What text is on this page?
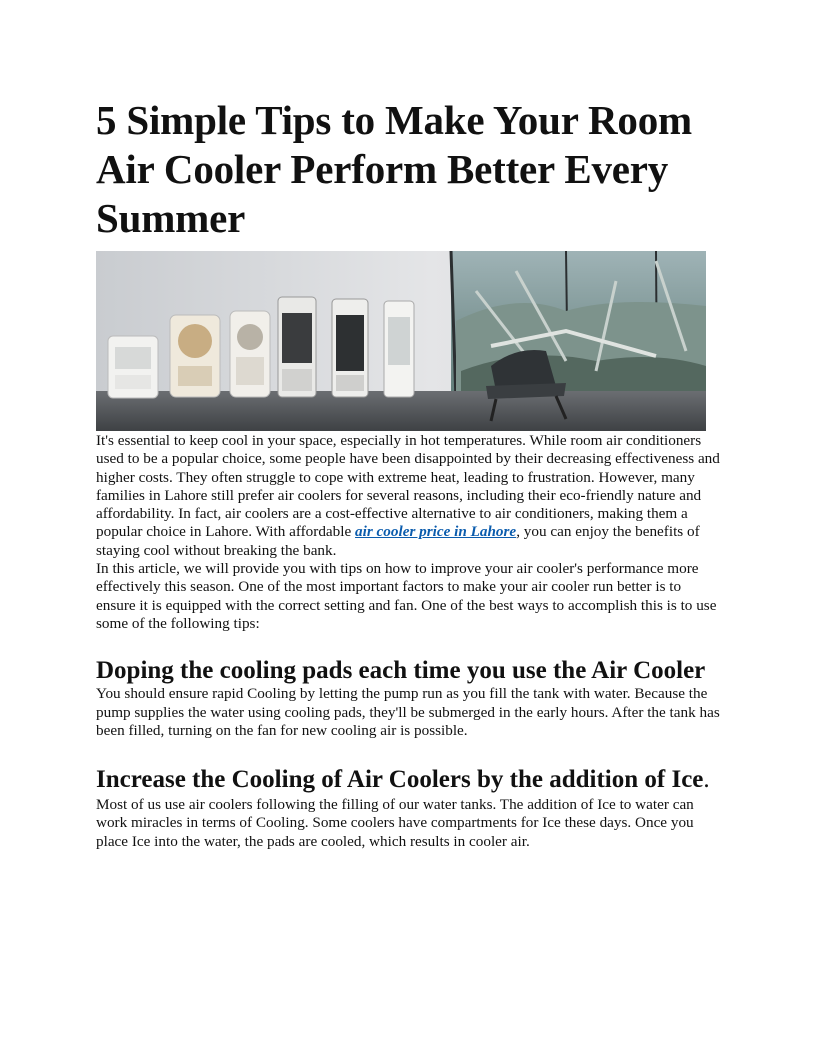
5 Simple Tips to Make Your Room Air Cooler Perform Better Every Summer

It's essential to keep cool in your space, especially in hot temperatures. While room air conditioners used to be a popular choice, some people have been disappointed by their decreasing effectiveness and higher costs. They often struggle to cope with extreme heat, leading to frustration. However, many families in Lahore still prefer air coolers for several reasons, including their eco-friendly nature and affordability. In fact, air coolers are a cost-effective alternative to air conditioners, making them a popular choice in Lahore. With affordable air cooler price in Lahore, you can enjoy the benefits of staying cool without breaking the bank.

In this article, we will provide you with tips on how to improve your air cooler's performance more effectively this season. One of the most important factors to make your air cooler run better is to ensure it is equipped with the correct setting and fan. One of the best ways to accomplish this is to use some of the following tips:

Doping the cooling pads each time you use the Air Cooler

You should ensure rapid Cooling by letting the pump run as you fill the tank with water. Because the pump supplies the water using cooling pads, they'll be submerged in the early hours. After the tank has been filled, turning on the fan for new cooling air is possible.

Increase the Cooling of Air Coolers by the addition of Ice.

Most of us use air coolers following the filling of our water tanks. The addition of Ice to water can work miracles in terms of Cooling. Some coolers have compartments for Ice these days. Once you place Ice into the water, the pads are cooled, which results in cooler air.
